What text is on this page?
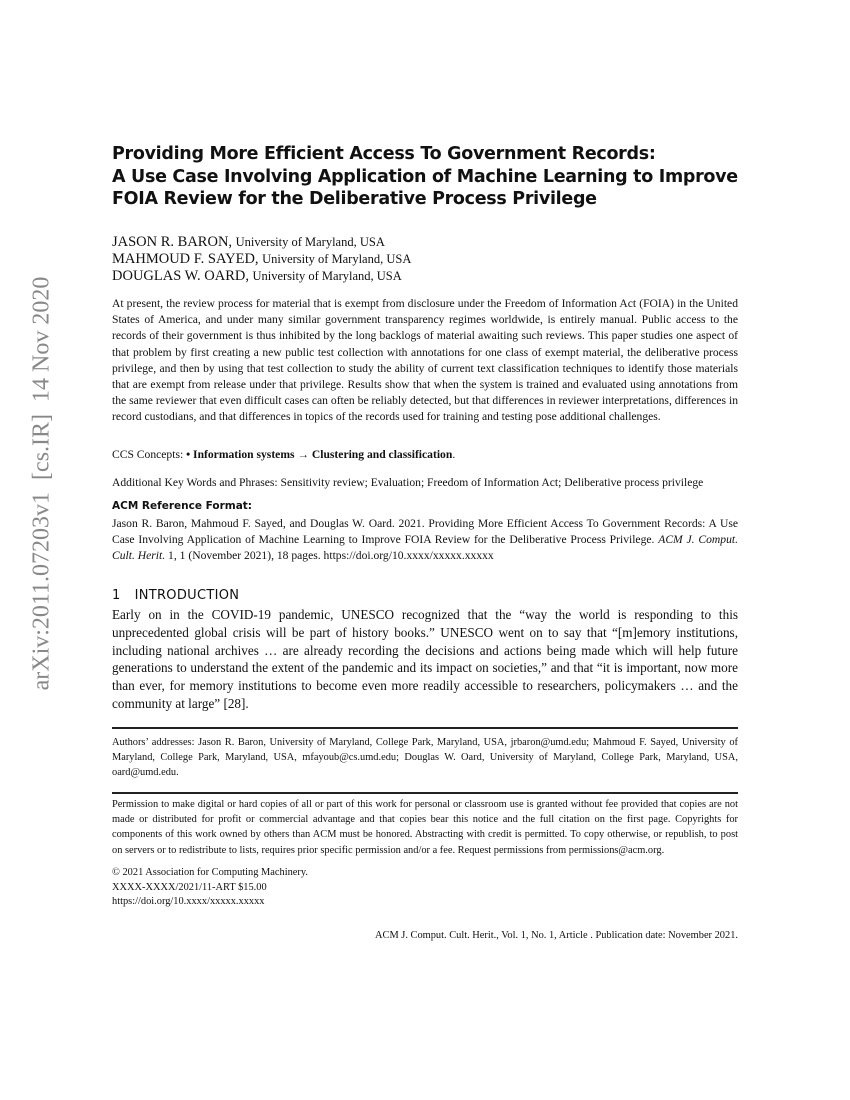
arXiv:2011.07203v1  [cs.IR]  14 Nov 2020
Providing More Efficient Access To Government Records:
A Use Case Involving Application of Machine Learning to Improve
FOIA Review for the Deliberative Process Privilege
JASON R. BARON, University of Maryland, USA
MAHMOUD F. SAYED, University of Maryland, USA
DOUGLAS W. OARD, University of Maryland, USA
At present, the review process for material that is exempt from disclosure under the Freedom of Information Act (FOIA) in the United States of America, and under many similar government transparency regimes worldwide, is entirely manual. Public access to the records of their government is thus inhibited by the long backlogs of material awaiting such reviews. This paper studies one aspect of that problem by first creating a new public test collection with annotations for one class of exempt material, the deliberative process privilege, and then by using that test collection to study the ability of current text classification techniques to identify those materials that are exempt from release under that privilege. Results show that when the system is trained and evaluated using annotations from the same reviewer that even difficult cases can often be reliably detected, but that differences in reviewer interpretations, differences in record custodians, and that differences in topics of the records used for training and testing pose additional challenges.
CCS Concepts: • Information systems → Clustering and classification.
Additional Key Words and Phrases: Sensitivity review; Evaluation; Freedom of Information Act; Deliberative process privilege
ACM Reference Format:
Jason R. Baron, Mahmoud F. Sayed, and Douglas W. Oard. 2021. Providing More Efficient Access To Government Records: A Use Case Involving Application of Machine Learning to Improve FOIA Review for the Deliberative Process Privilege. ACM J. Comput. Cult. Herit. 1, 1 (November 2021), 18 pages. https://doi.org/10.xxxx/xxxxx.xxxxx
1 INTRODUCTION
Early on in the COVID-19 pandemic, UNESCO recognized that the “way the world is responding to this unprecedented global crisis will be part of history books.” UNESCO went on to say that “[m]emory institutions, including national archives … are already recording the decisions and actions being made which will help future generations to understand the extent of the pandemic and its impact on societies,” and that “it is important, now more than ever, for memory institutions to become even more readily accessible to researchers, policymakers … and the community at large” [28].
Authors’ addresses: Jason R. Baron, University of Maryland, College Park, Maryland, USA, jrbaron@umd.edu; Mahmoud F. Sayed, University of Maryland, College Park, Maryland, USA, mfayoub@cs.umd.edu; Douglas W. Oard, University of Maryland, College Park, Maryland, USA, oard@umd.edu.
Permission to make digital or hard copies of all or part of this work for personal or classroom use is granted without fee provided that copies are not made or distributed for profit or commercial advantage and that copies bear this notice and the full citation on the first page. Copyrights for components of this work owned by others than ACM must be honored. Abstracting with credit is permitted. To copy otherwise, or republish, to post on servers or to redistribute to lists, requires prior specific permission and/or a fee. Request permissions from permissions@acm.org.
© 2021 Association for Computing Machinery.
XXXX-XXXX/2021/11-ART $15.00
https://doi.org/10.xxxx/xxxxx.xxxxx
ACM J. Comput. Cult. Herit., Vol. 1, No. 1, Article . Publication date: November 2021.
